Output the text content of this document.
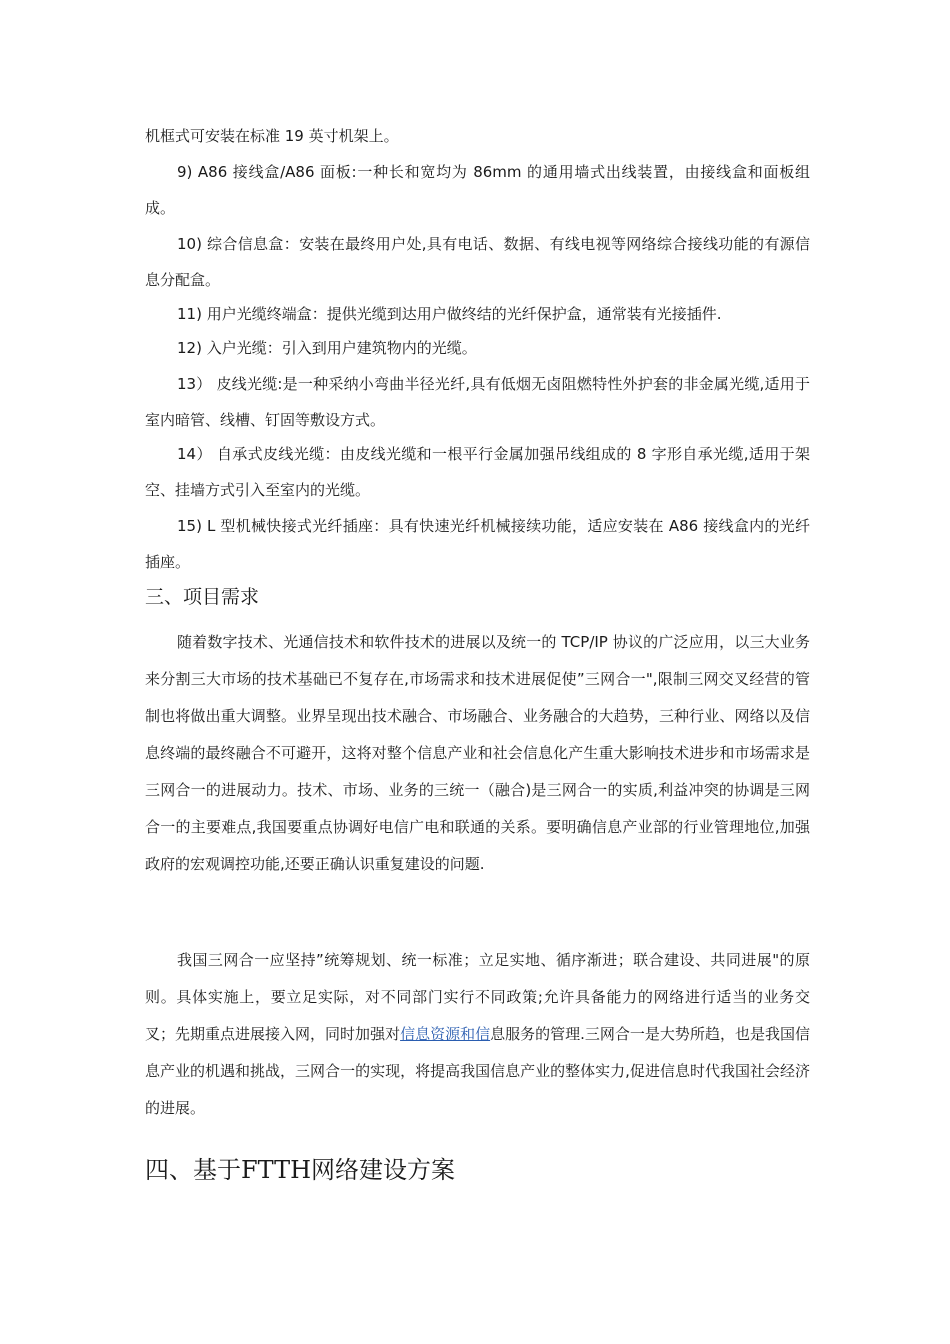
机框式可安装在标准 19 英寸机架上。

9) A86 接线盒/A86 面板:一种长和宽均为 86mm 的通用墙式出线装置，由接线盒和面板组成。

10) 综合信息盒：安装在最终用户处,具有电话、数据、有线电视等网络综合接线功能的有源信息分配盒。

11) 用户光缆终端盒：提供光缆到达用户做终结的光纤保护盒，通常装有光接插件.

12) 入户光缆：引入到用户建筑物内的光缆。

13） 皮线光缆:是一种采纳小弯曲半径光纤,具有低烟无卤阻燃特性外护套的非金属光缆,适用于室内暗管、线槽、钉固等敷设方式。

14） 自承式皮线光缆：由皮线光缆和一根平行金属加强吊线组成的 8 字形自承光缆,适用于架空、挂墙方式引入至室内的光缆。

15) L 型机械快接式光纤插座：具有快速光纤机械接续功能，适应安装在 A86 接线盒内的光纤插座。

三、项目需求

随着数字技术、光通信技术和软件技术的进展以及统一的 TCP/IP 协议的广泛应用，以三大业务来分割三大市场的技术基础已不复存在,市场需求和技术进展促使”三网合一",限制三网交叉经营的管制也将做出重大调整。业界呈现出技术融合、市场融合、业务融合的大趋势，三种行业、网络以及信息终端的最终融合不可避开，这将对整个信息产业和社会信息化产生重大影响技术进步和市场需求是三网合一的进展动力。技术、市场、业务的三统一（融合)是三网合一的实质,利益冲突的协调是三网合一的主要难点,我国要重点协调好电信广电和联通的关系。要明确信息产业部的行业管理地位,加强政府的宏观调控功能,还要正确认识重复建设的问题.

我国三网合一应坚持”统筹规划、统一标准；立足实地、循序渐进；联合建设、共同进展"的原则。具体实施上，要立足实际，对不同部门实行不同政策;允许具备能力的网络进行适当的业务交叉；先期重点进展接入网，同时加强对信息资源和信息服务的管理.三网合一是大势所趋，也是我国信息产业的机遇和挑战，三网合一的实现，将提高我国信息产业的整体实力,促进信息时代我国社会经济的进展。

四、基于FTTH网络建设方案
